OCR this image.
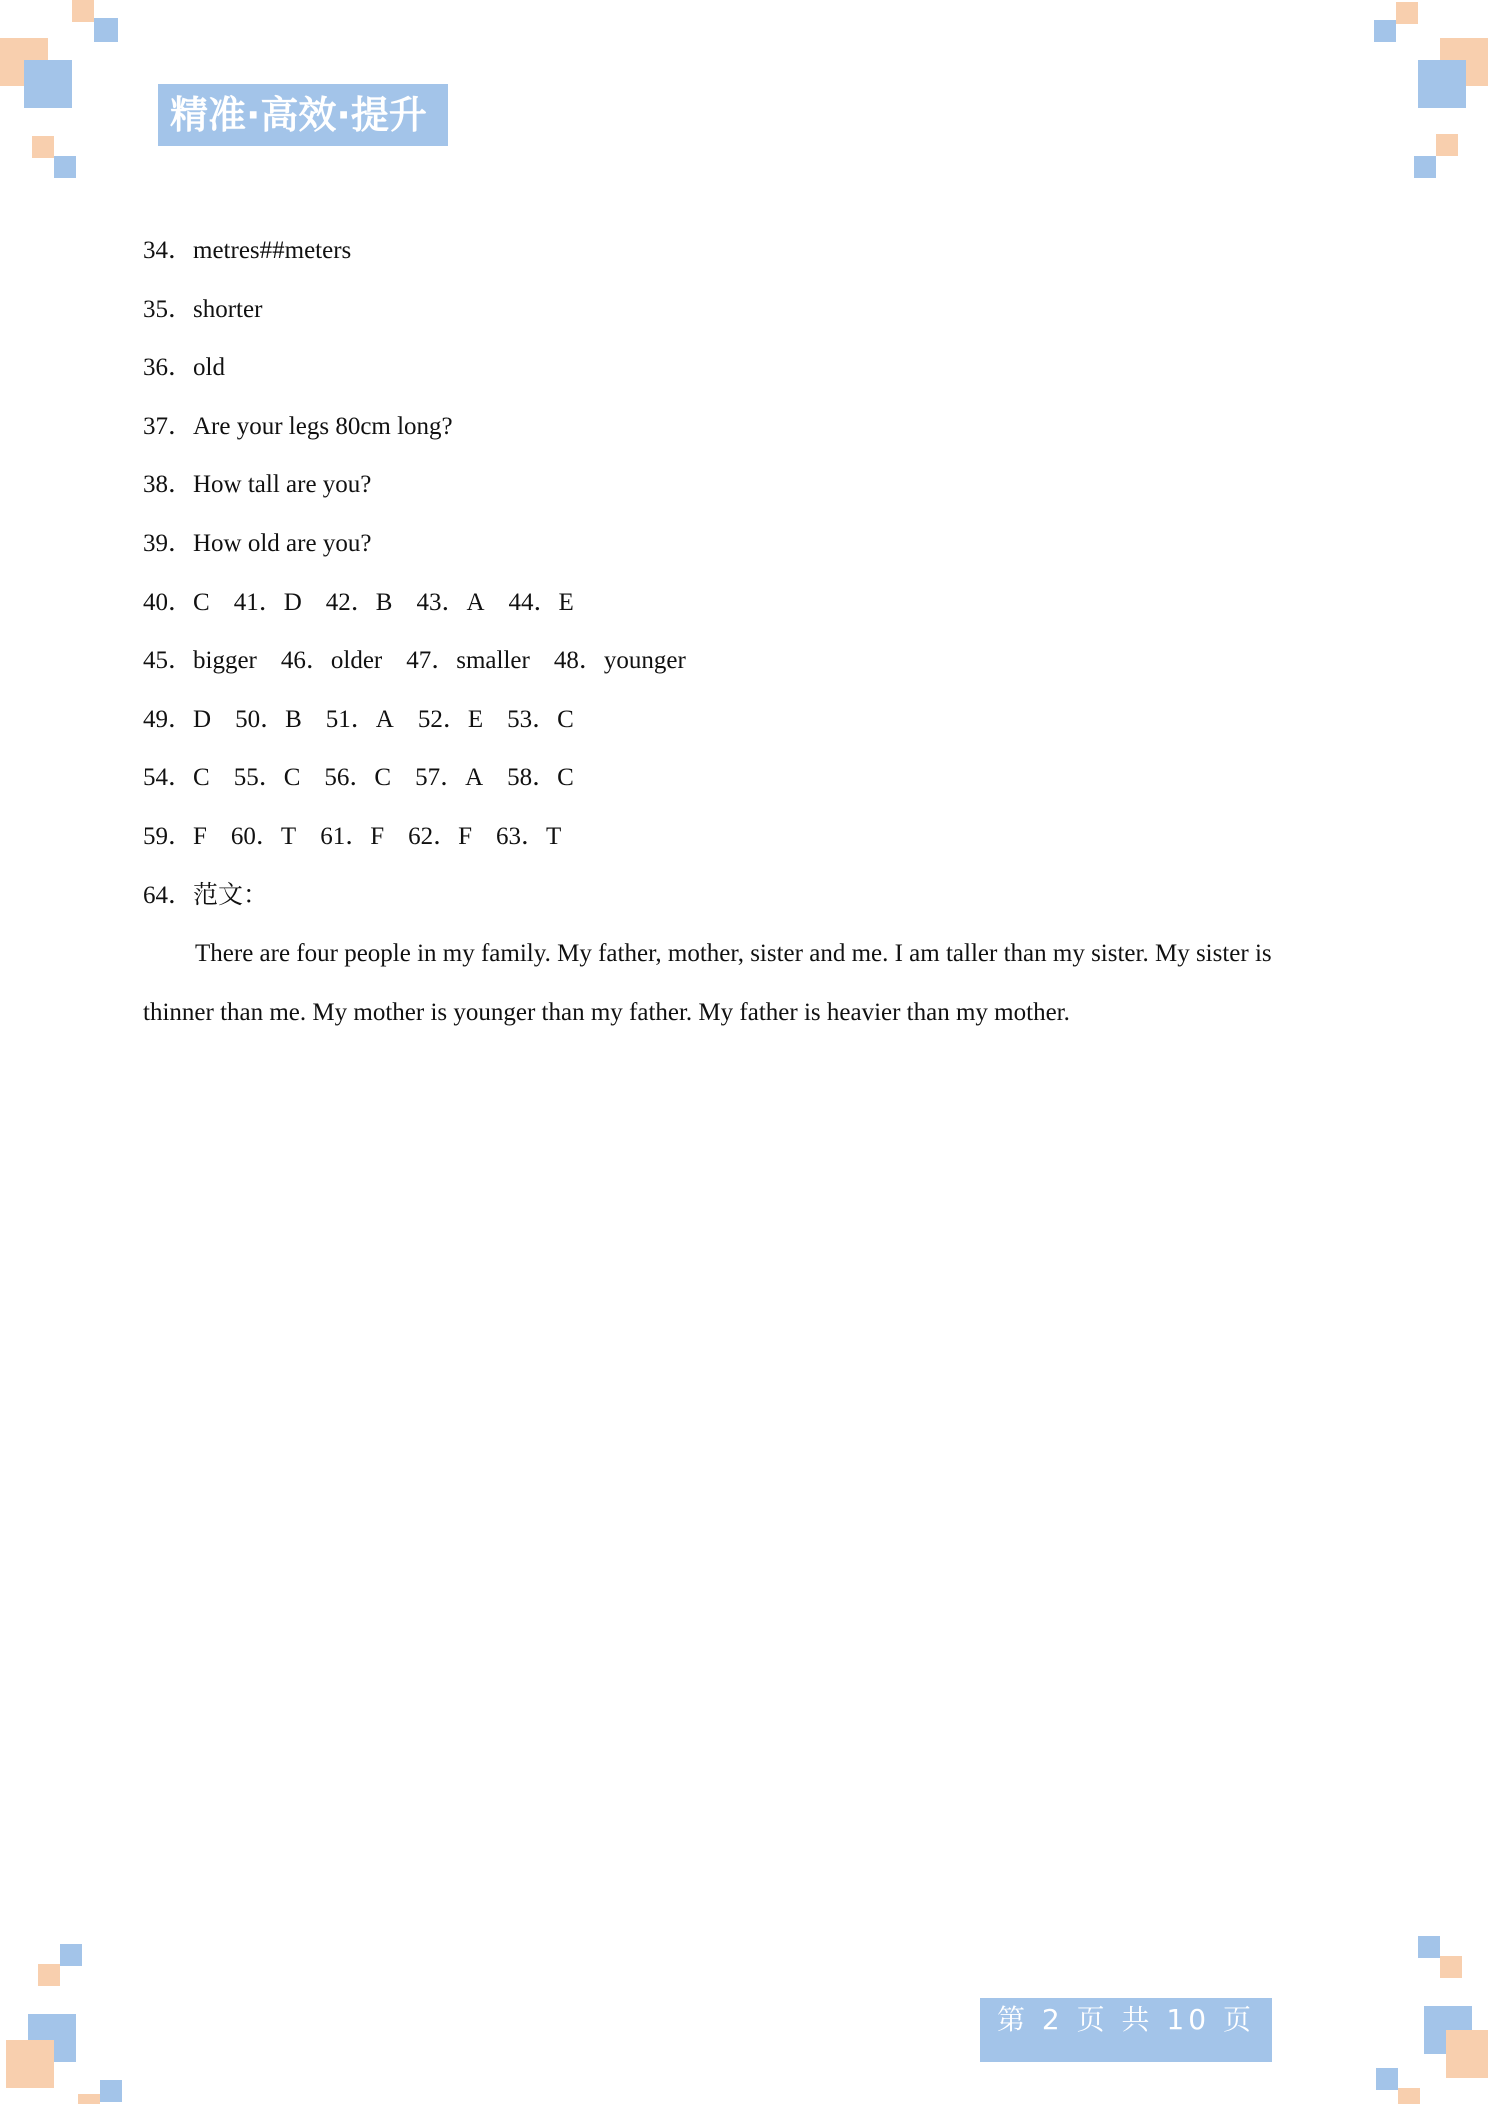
精准·高效·提升
34．metres##meters
35．shorter
36．old
37．Are your legs 80cm long?
38．How tall are you?
39．How old are you?
40．C 41．D 42．B 43．A 44．E
45．bigger 46．older 47．smaller 48．younger
49．D 50．B 51．A 52．E 53．C
54．C 55．C 56．C 57．A 58．C
59．F 60．T 61．F 62．F 63．T
64．范文：
There are four people in my family. My father, mother, sister and me. I am taller than my sister. My sister is thinner than me. My mother is younger than my father. My father is heavier than my mother.
第 2 页 共 10 页
